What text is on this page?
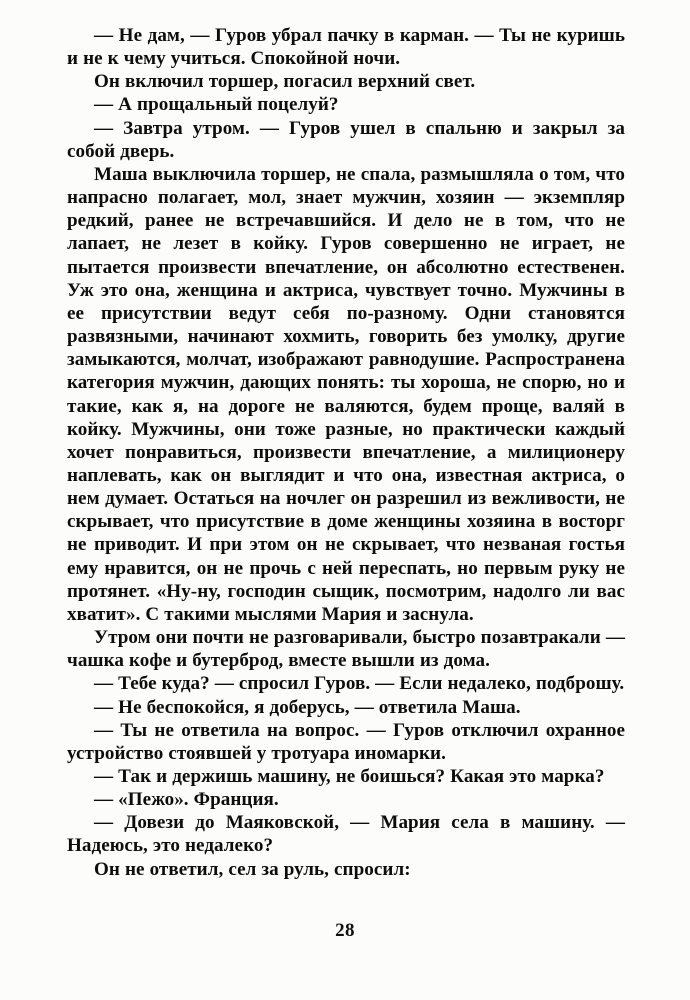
— Не дам, — Гуров убрал пачку в карман. — Ты не куришь и не к чему учиться. Спокойной ночи.

Он включил торшер, погасил верхний свет.

— А прощальный поцелуй?

— Завтра утром. — Гуров ушел в спальню и закрыл за собой дверь.

Маша выключила торшер, не спала, размышляла о том, что напрасно полагает, мол, знает мужчин, хозяин — экземпляр редкий, ранее не встречавшийся. И дело не в том, что не лапает, не лезет в койку. Гуров совершенно не играет, не пытается произвести впечатление, он абсолютно естественен. Уж это она, женщина и актриса, чувствует точно. Мужчины в ее присутствии ведут себя по-разному. Одни становятся развязными, начинают хохмить, говорить без умолку, другие замыкаются, молчат, изображают равнодушие. Распространена категория мужчин, дающих понять: ты хороша, не спорю, но и такие, как я, на дороге не валяются, будем проще, валяй в койку. Мужчины, они тоже разные, но практически каждый хочет понравиться, произвести впечатление, а милиционеру наплевать, как он выглядит и что она, известная актриса, о нем думает. Остаться на ночлег он разрешил из вежливости, не скрывает, что присутствие в доме женщины хозяина в восторг не приводит. И при этом он не скрывает, что незваная гостья ему нравится, он не прочь с ней переспать, но первым руку не протянет. «Ну-ну, господин сыщик, посмотрим, надолго ли вас хватит». С такими мыслями Мария и заснула.

Утром они почти не разговаривали, быстро позавтракали — чашка кофе и бутерброд, вместе вышли из дома.

— Тебе куда? — спросил Гуров. — Если недалеко, подброшу.

— Не беспокойся, я доберусь, — ответила Маша.

— Ты не ответила на вопрос. — Гуров отключил охранное устройство стоявшей у тротуара иномарки.

— Так и держишь машину, не боишься? Какая это марка?

— «Пежо». Франция.

— Довези до Маяковской, — Мария села в машину. — Надеюсь, это недалеко?

Он не ответил, сел за руль, спросил:

28
